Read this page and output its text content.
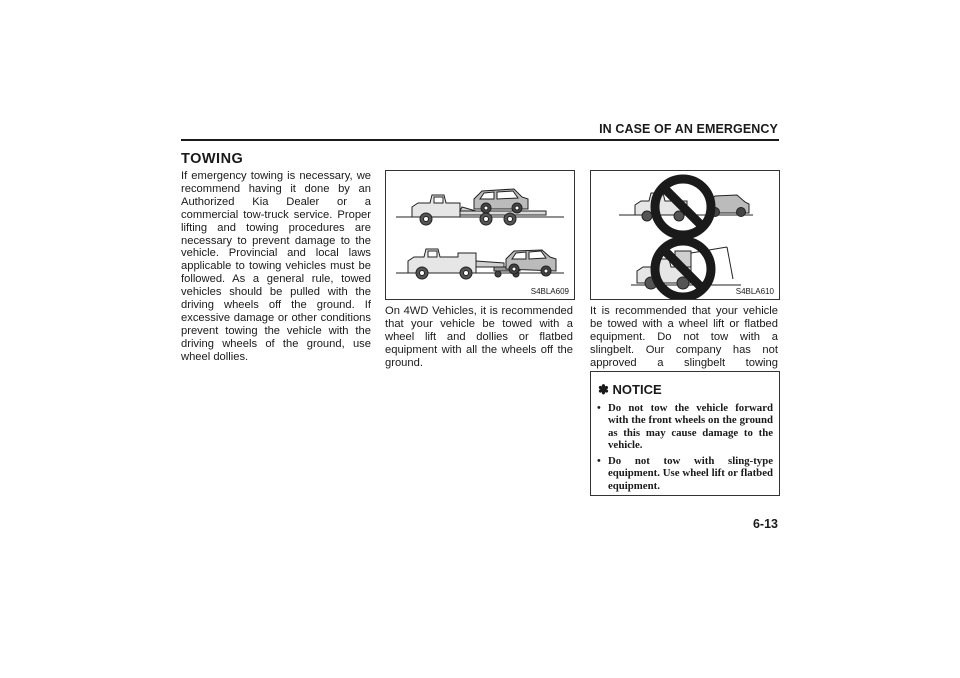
IN CASE OF AN EMERGENCY
TOWING
If emergency towing is necessary, we recommend having it done by an Authorized Kia Dealer or a commercial tow-truck service. Proper lifting and towing procedures are necessary to prevent damage to the vehicle. Provincial and local laws applicable to towing vehicles must be followed. As a general rule, towed vehicles should be pulled with the driving wheels off the ground. If excessive damage or other conditions prevent towing the vehicle with the driving wheels of the ground, use wheel dollies.
S4BLA609
On 4WD Vehicles, it is recommended that your vehicle be towed with a wheel lift and dollies or flatbed equipment with all the wheels off the ground.
S4BLA610
It is recommended that your vehicle be towed with a wheel lift or flatbed equipment. Do not tow with a slingbelt. Our company has not approved a slingbelt towing
✽ NOTICE
• Do not tow the vehicle forward with the front wheels on the ground as this may cause damage to the vehicle.
• Do not tow with sling-type equipment. Use wheel lift or flatbed equipment.
6-13
